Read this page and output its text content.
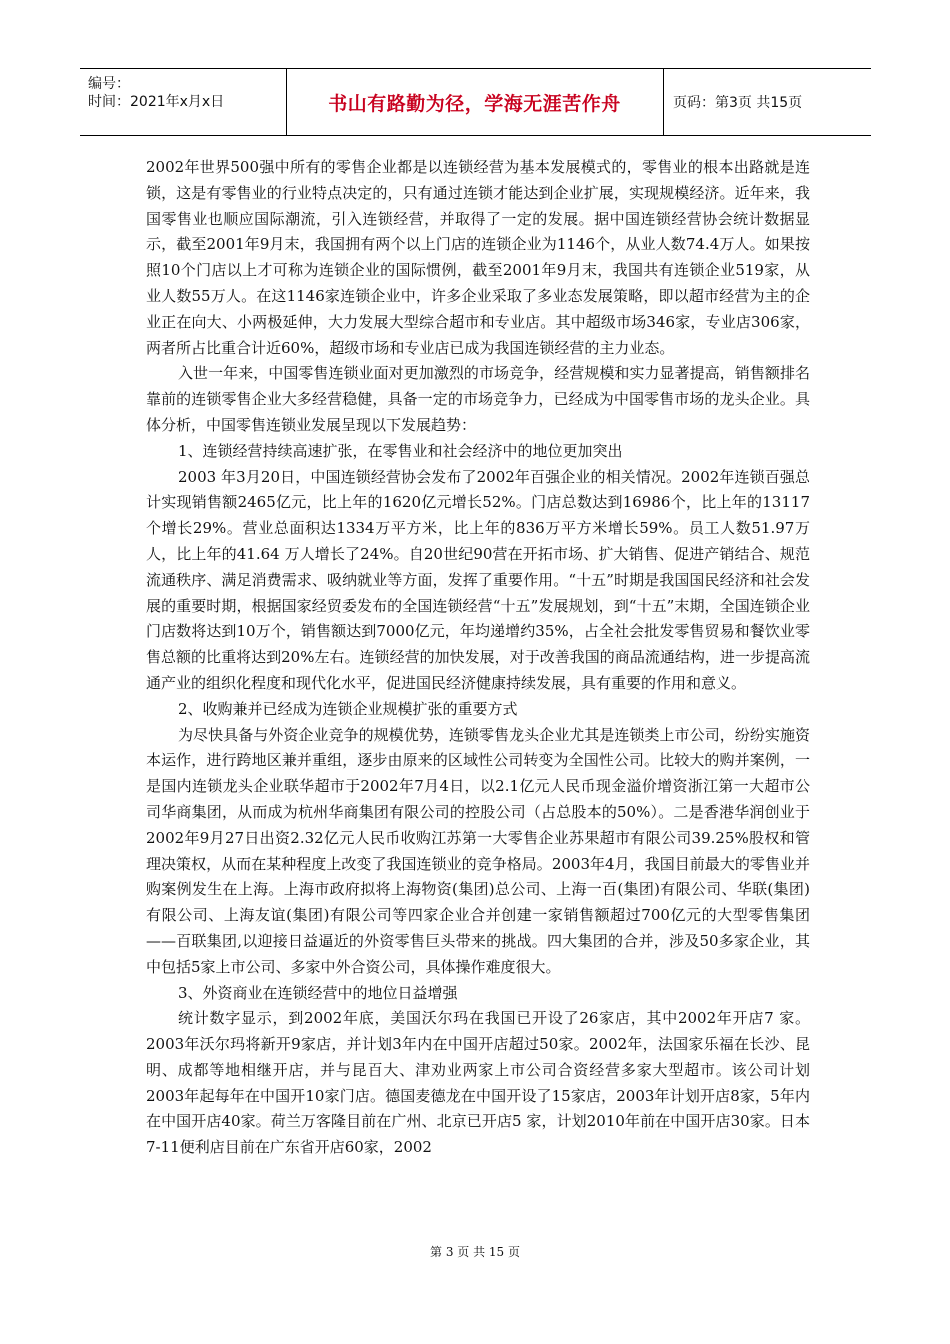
编号：
时间：2021年x月x日	书山有路勤为径，学海无涯苦作舟	页码：第3页 共15页

2002年世界500强中所有的零售企业都是以连锁经营为基本发展模式的，零售业的根本出路就是连锁，这是有零售业的行业特点决定的，只有通过连锁才能达到企业扩展，实现规模经济。近年来，我国零售业也顺应国际潮流，引入连锁经营，并取得了一定的发展。据中国连锁经营协会统计数据显示，截至2001年9月末，我国拥有两个以上门店的连锁企业为1146个，从业人数74.4万人。如果按照10个门店以上才可称为连锁企业的国际惯例，截至2001年9月末，我国共有连锁企业519家，从业人数55万人。在这1146家连锁企业中，许多企业采取了多业态发展策略，即以超市经营为主的企业正在向大、小两极延伸，大力发展大型综合超市和专业店。其中超级市场346家，专业店306家，两者所占比重合计近60%，超级市场和专业店已成为我国连锁经营的主力业态。

入世一年来，中国零售连锁业面对更加激烈的市场竞争，经营规模和实力显著提高，销售额排名靠前的连锁零售企业大多经营稳健，具备一定的市场竞争力，已经成为中国零售市场的龙头企业。具体分析，中国零售连锁业发展呈现以下发展趋势：

1、连锁经营持续高速扩张，在零售业和社会经济中的地位更加突出

2003 年3月20日，中国连锁经营协会发布了2002年百强企业的相关情况。2002年连锁百强总计实现销售额2465亿元，比上年的1620亿元增长52%。门店总数达到16986个，比上年的13117个增长29%。营业总面积达1334万平方米，比上年的836万平方米增长59%。员工人数51.97万人，比上年的41.64 万人增长了24%。自20世纪90营在开拓市场、扩大销售、促进产销结合、规范流通秩序、满足消费需求、吸纳就业等方面，发挥了重要作用。“十五”时期是我国国民经济和社会发展的重要时期，根据国家经贸委发布的全国连锁经营“十五”发展规划，到“十五”末期，全国连锁企业门店数将达到10万个，销售额达到7000亿元，年均递增约35%，占全社会批发零售贸易和餐饮业零售总额的比重将达到20%左右。连锁经营的加快发展，对于改善我国的商品流通结构，进一步提高流通产业的组织化程度和现代化水平，促进国民经济健康持续发展，具有重要的作用和意义。

2、收购兼并已经成为连锁企业规模扩张的重要方式

为尽快具备与外资企业竞争的规模优势，连锁零售龙头企业尤其是连锁类上市公司，纷纷实施资本运作，进行跨地区兼并重组，逐步由原来的区域性公司转变为全国性公司。比较大的购并案例，一是国内连锁龙头企业联华超市于2002年7月4日，以2.1亿元人民币现金溢价增资浙江第一大超市公司华商集团，从而成为杭州华商集团有限公司的控股公司（占总股本的50%）。二是香港华润创业于2002年9月27日出资2.32亿元人民币收购江苏第一大零售企业苏果超市有限公司39.25%股权和管理决策权，从而在某种程度上改变了我国连锁业的竞争格局。2003年4月，我国目前最大的零售业并购案例发生在上海。上海市政府拟将上海物资(集团)总公司、上海一百(集团)有限公司、华联(集团)有限公司、上海友谊(集团)有限公司等四家企业合并创建一家销售额超过700亿元的大型零售集团——百联集团,以迎接日益逼近的外资零售巨头带来的挑战。四大集团的合并，涉及50多家企业，其中包括5家上市公司、多家中外合资公司，具体操作难度很大。

3、外资商业在连锁经营中的地位日益增强

统计数字显示，到2002年底，美国沃尔玛在我国已开设了26家店，其中2002年开店7 家。2003年沃尔玛将新开9家店，并计划3年内在中国开店超过50家。2002年，法国家乐福在长沙、昆明、成都等地相继开店，并与昆百大、津劝业两家上市公司合资经营多家大型超市。该公司计划2003年起每年在中国开10家门店。德国麦德龙在中国开设了15家店，2003年计划开店8家，5年内在中国开店40家。荷兰万客隆目前在广州、北京已开店5 家，计划2010年前在中国开店30家。日本7-11便利店目前在广东省开店60家，2002

第 3 页 共 15 页
